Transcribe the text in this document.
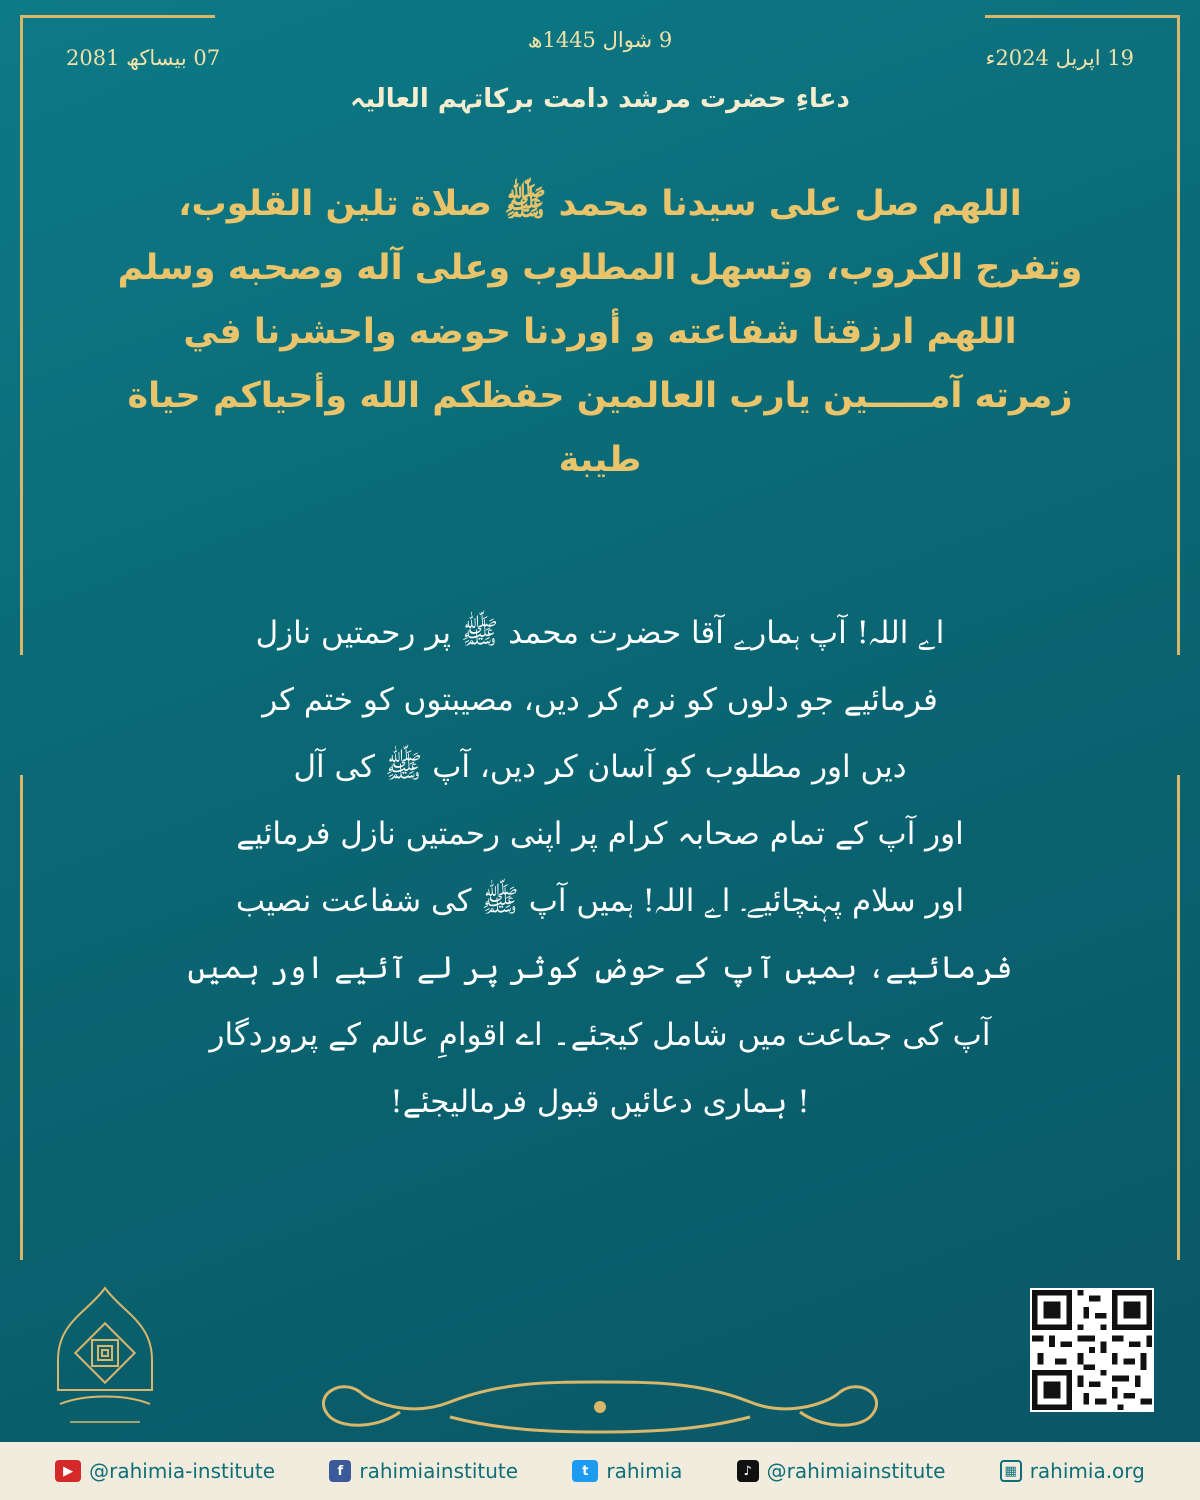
19 اپریل 2024ء
9 شوال 1445ھ
07 بیساکھ 2081
دعاءِ حضرت مرشد دامت برکاتہم العالیہ
اللهم صل على سيدنا محمد ﷺ صلاة تلين القلوب،
وتفرج الكروب، وتسهل المطلوب وعلى آله وصحبه وسلم
اللهم ارزقنا شفاعته و أوردنا حوضه واحشرنا في
زمرته آمـــــين يارب العالمين حفظكم الله وأحياكم حياة
طيبة
اے اللہ! آپ ہمارے آقا حضرت محمد ﷺ پر رحمتیں نازل
فرمائیے جو دلوں کو نرم کر دیں، مصیبتوں کو ختم کر
دیں اور مطلوب کو آسان کر دیں، آپ ﷺ کی آل
اور آپ کے تمام صحابہ کرام پر اپنی رحمتیں نازل فرمائیے
اور سلام پہنچائیے۔ اے اللہ! ہمیں آپ ﷺ کی شفاعت نصیب
فرمائیے، ہمیں آپ کے حوضِ کوثر پر لے آئیے اور ہمیں
آپ کی جماعت میں شامل کیجئے۔ اے اقوامِ عالم کے پروردگار
! ہماری دعائیں قبول فرمالیجئے!
▶ @rahimia-institute	f rahimiainstitute	t rahimia	♪ @rahimiainstitute	▦ rahimia.org
